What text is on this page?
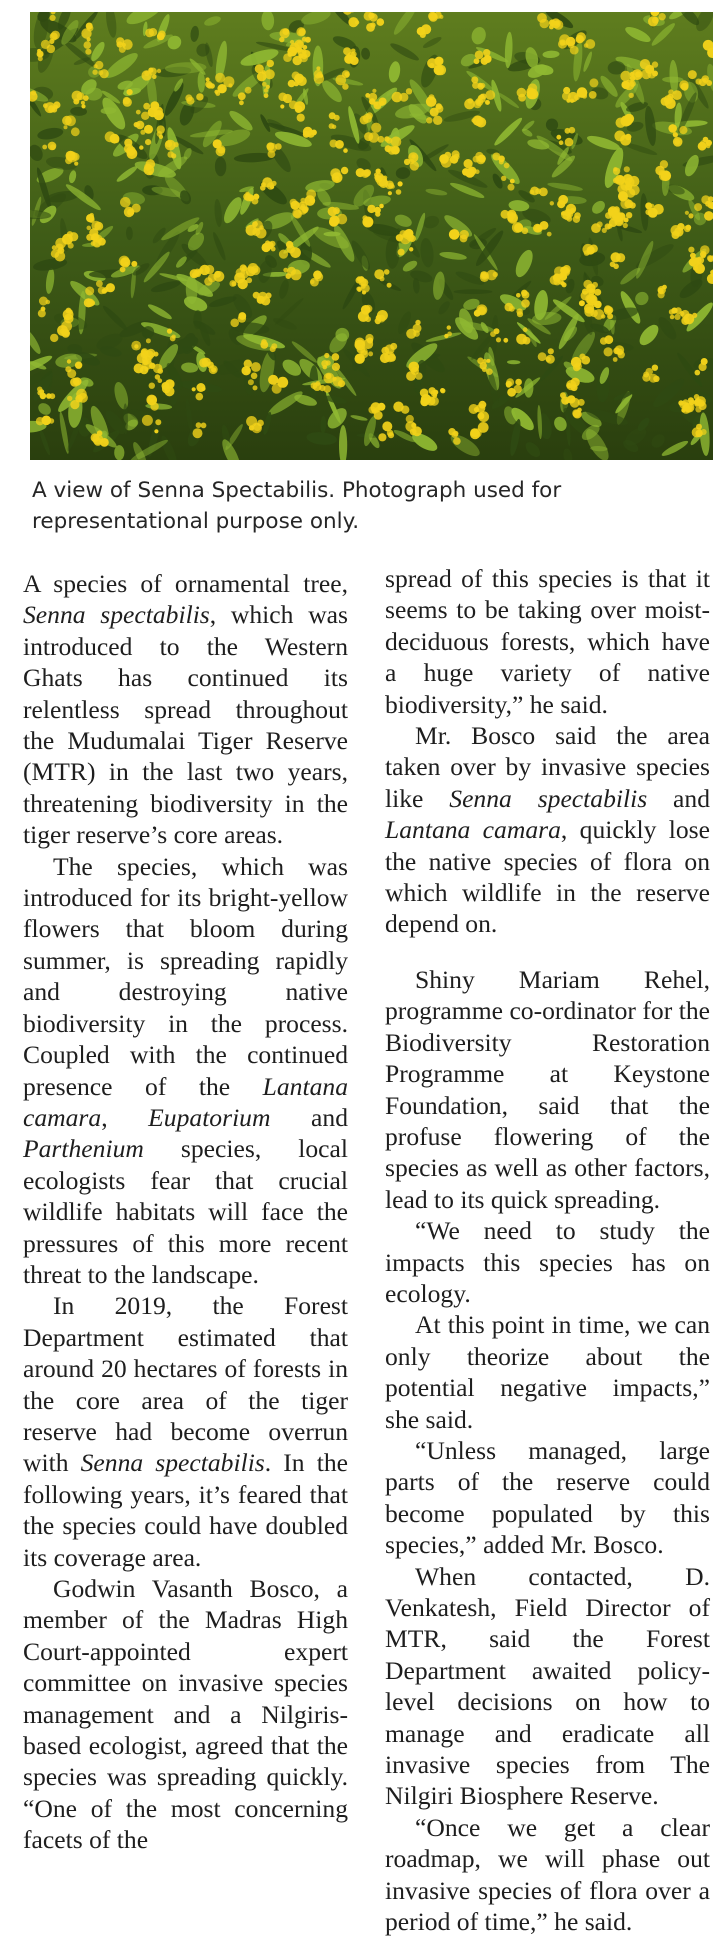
A view of Senna Spectabilis. Photograph used for representational purpose only.

A species of ornamental tree, Senna spectabilis, which was introduced to the Western Ghats has continued its relentless spread throughout the Mudumalai Tiger Reserve (MTR) in the last two years, threatening biodiversity in the tiger reserve’s core areas.

The species, which was introduced for its bright-yellow flowers that bloom during summer, is spreading rapidly and destroying native biodiversity in the process. Coupled with the continued presence of the Lantana camara, Eupatorium and Parthenium species, local ecologists fear that crucial wildlife habitats will face the pressures of this more recent threat to the landscape.

In 2019, the Forest Department estimated that around 20 hectares of forests in the core area of the tiger reserve had become overrun with Senna spectabilis. In the following years, it’s feared that the species could have doubled its coverage area.

Godwin Vasanth Bosco, a member of the Madras High Court-appointed expert committee on invasive species management and a Nilgiris-based ecologist, agreed that the species was spreading quickly. “One of the most concerning facets of the

spread of this species is that it seems to be taking over moist-deciduous forests, which have a huge variety of native biodiversity,” he said.

Mr. Bosco said the area taken over by invasive species like Senna spectabilis and Lantana camara, quickly lose the native species of flora on which wildlife in the reserve depend on.

Shiny Mariam Rehel, programme co-ordinator for the Biodiversity Restoration Programme at Keystone Foundation, said that the profuse flowering of the species as well as other factors, lead to its quick spreading.

“We need to study the impacts this species has on ecology.

At this point in time, we can only theorize about the potential negative impacts,” she said.

“Unless managed, large parts of the reserve could become populated by this species,” added Mr. Bosco.

When contacted, D. Venkatesh, Field Director of MTR, said the Forest Department awaited policy-level decisions on how to manage and eradicate all invasive species from The Nilgiri Biosphere Reserve.

“Once we get a clear roadmap, we will phase out invasive species of flora over a period of time,” he said.
